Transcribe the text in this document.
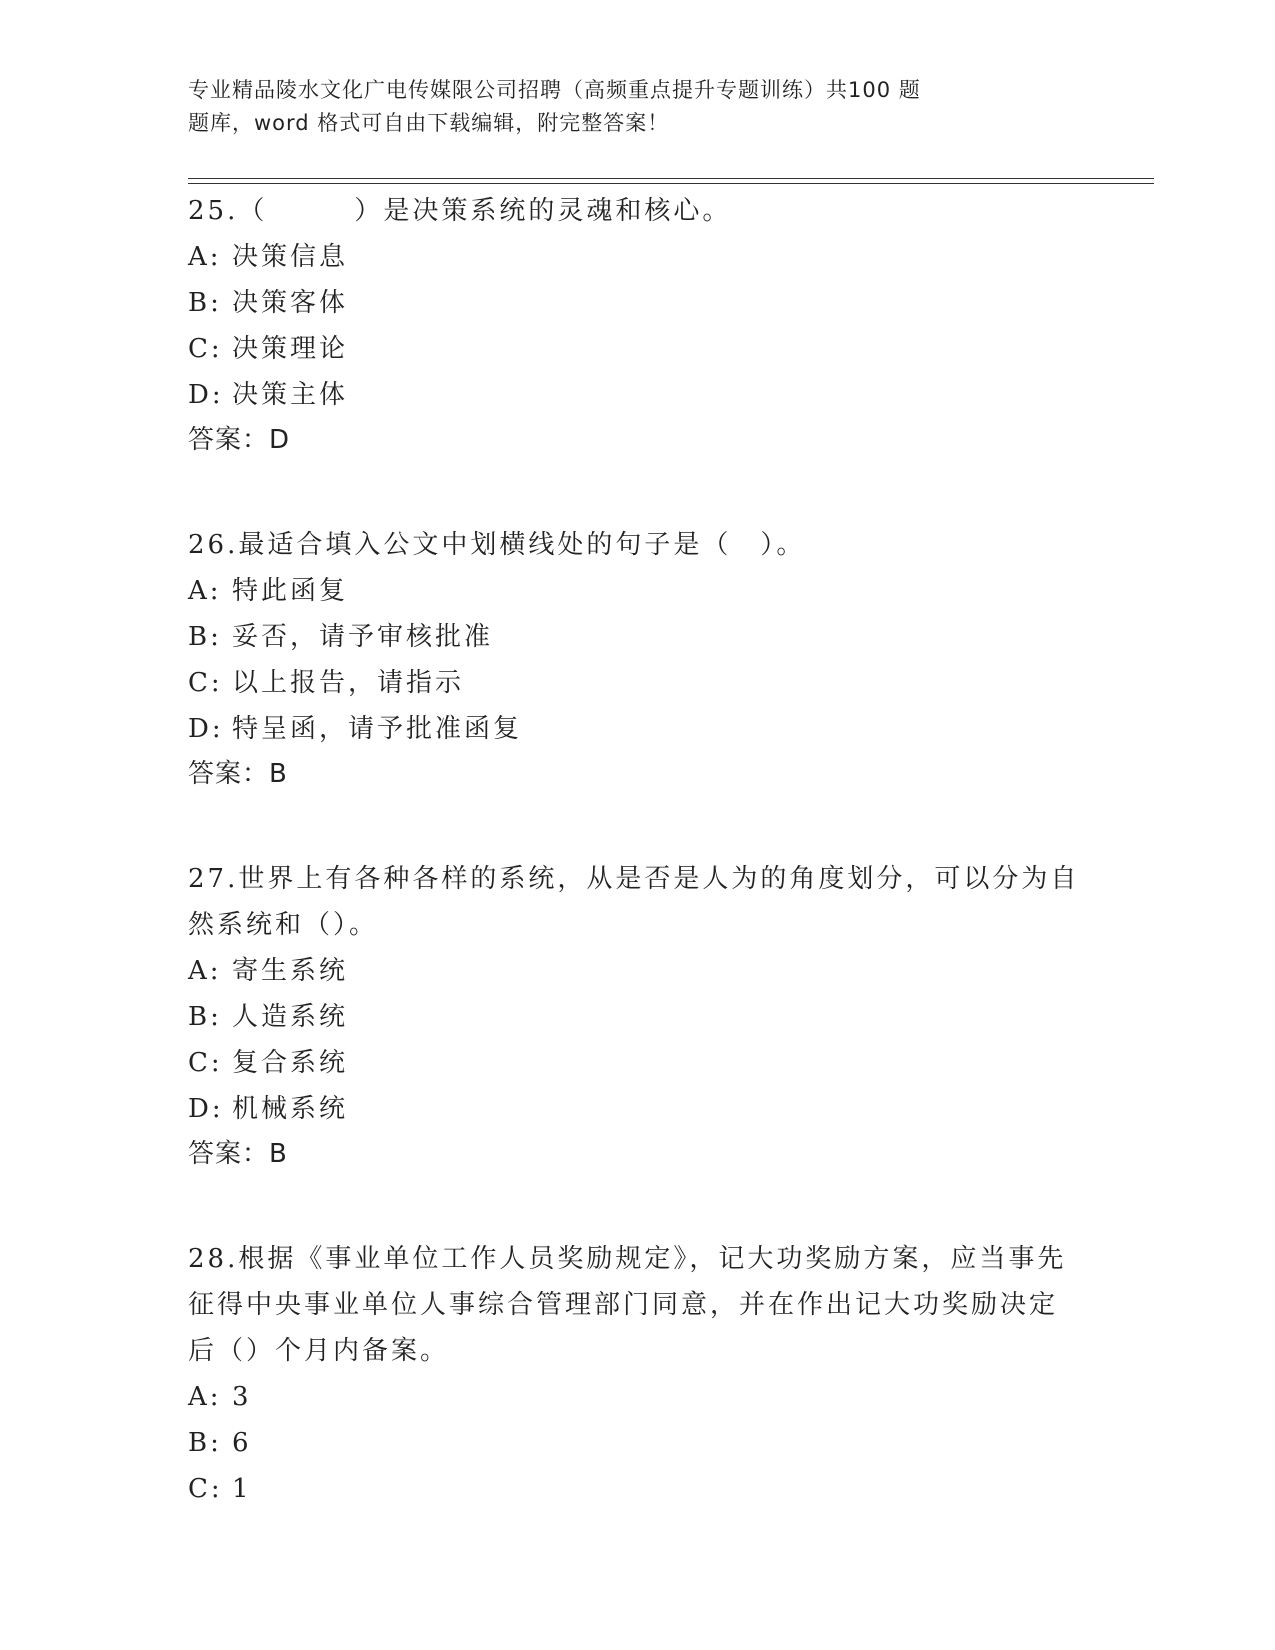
专业精品陵水文化广电传媒限公司招聘（高频重点提升专题训练）共100 题
题库，word 格式可自由下载编辑，附完整答案！
25.（　　　）是决策系统的灵魂和核心。
A: 决策信息
B: 决策客体
C: 决策理论
D: 决策主体
答案：D
26.最适合填入公文中划横线处的句子是（　）。
A: 特此函复
B: 妥否，请予审核批准
C: 以上报告，请指示
D: 特呈函，请予批准函复
答案：B
27.世界上有各种各样的系统，从是否是人为的角度划分，可以分为自
然系统和（）。
A: 寄生系统
B: 人造系统
C: 复合系统
D: 机械系统
答案：B
28.根据《事业单位工作人员奖励规定》，记大功奖励方案，应当事先
征得中央事业单位人事综合管理部门同意，并在作出记大功奖励决定
后（）个月内备案。
A: 3
B: 6
C: 1
